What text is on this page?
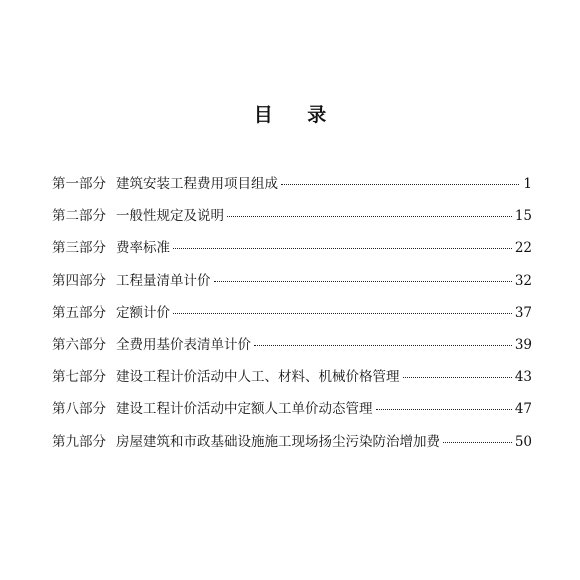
目 录
第一部分 建筑安装工程费用项目组成	1
第二部分 一般性规定及说明	15
第三部分 费率标准	22
第四部分 工程量清单计价	32
第五部分 定额计价	37
第六部分 全费用基价表清单计价	39
第七部分 建设工程计价活动中人工、材料、机械价格管理	43
第八部分 建设工程计价活动中定额人工单价动态管理	47
第九部分 房屋建筑和市政基础设施施工现场扬尘污染防治增加费	50
